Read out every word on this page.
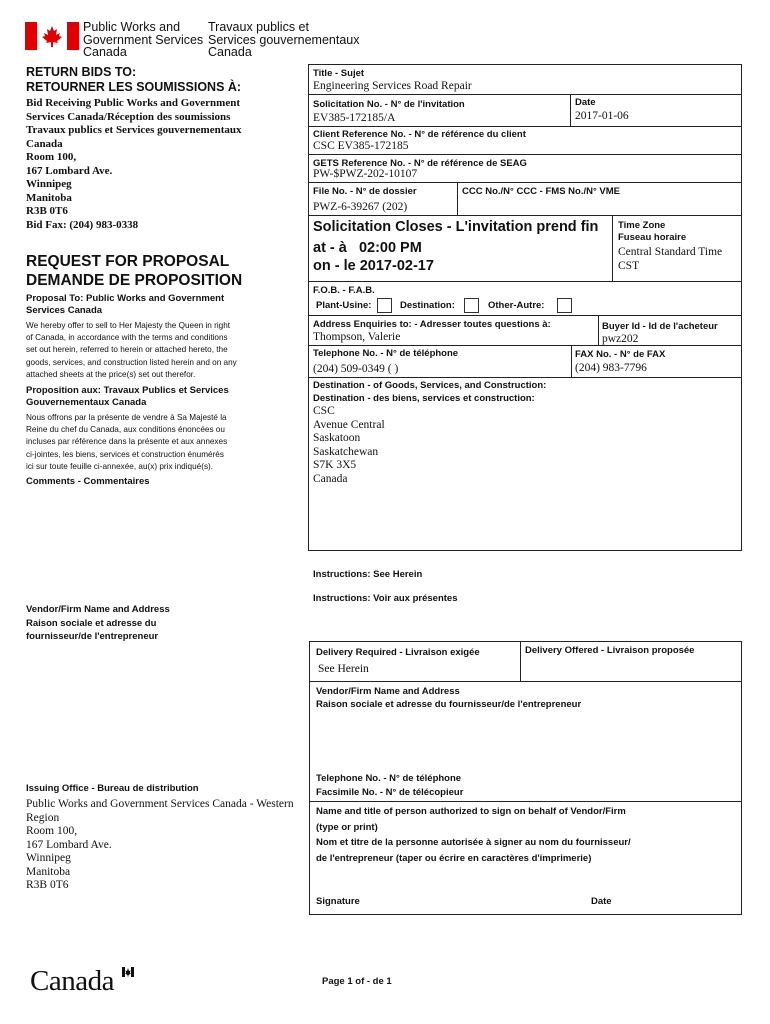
Public Works and
Government Services
Canada
Travaux publics et
Services gouvernementaux
Canada
RETURN BIDS TO:
RETOURNER LES SOUMISSIONS À:
Bid Receiving Public Works and Government
Services Canada/Réception des soumissions
Travaux publics et Services gouvernementaux
Canada
Room 100,
167 Lombard Ave.
Winnipeg
Manitoba
R3B 0T6
Bid Fax: (204) 983-0338
REQUEST FOR PROPOSAL
DEMANDE DE PROPOSITION
Proposal To: Public Works and Government
Services Canada
We hereby offer to sell to Her Majesty the Queen in right
of Canada, in accordance with the terms and conditions
set out herein, referred to herein or attached hereto, the
goods, services, and construction listed herein and on any
attached sheets at the price(s) set out therefor.
Proposition aux: Travaux Publics et Services
Gouvernementaux Canada
Nous offrons par la présente de vendre à Sa Majesté la
Reine du chef du Canada, aux conditions énoncées ou
incluses par référence dans la présente et aux annexes
ci-jointes, les biens, services et construction énumérés
ici sur toute feuille ci-annexée, au(x) prix indiqué(s).
Comments - Commentaires
Vendor/Firm Name and Address
Raison sociale et adresse du
fournisseur/de l'entrepreneur
Issuing Office - Bureau de distribution
Public Works and Government Services Canada - Western
Region
Room 100,
167 Lombard Ave.
Winnipeg
Manitoba
R3B 0T6
Title - Sujet
Engineering Services Road Repair
Solicitation No. - N° de l'invitation
EV385-172185/A
Date
2017-01-06
Client Reference No. - N° de référence du client
CSC EV385-172185
GETS Reference No. - N° de référence de SEAG
PW-$PWZ-202-10107
File No. - N° de dossier
PWZ-6-39267 (202)
CCC No./N° CCC - FMS No./N° VME
Solicitation Closes - L'invitation prend fin
at - à 02:00 PM
on - le 2017-02-17
Time Zone
Fuseau horaire
Central Standard Time
CST
F.O.B. - F.A.B.
Plant-Usine:	Destination:	Other-Autre:
Address Enquiries to: - Adresser toutes questions à:
Thompson, Valerie
Buyer Id - Id de l'acheteur
pwz202
Telephone No. - N° de téléphone
(204) 509-0349 ( )
FAX No. - N° de FAX
(204) 983-7796
Destination - of Goods, Services, and Construction:
Destination - des biens, services et construction:
CSC
Avenue Central
Saskatoon
Saskatchewan
S7K 3X5
Canada
Instructions: See Herein
Instructions: Voir aux présentes
Delivery Required - Livraison exigée
See Herein
Delivery Offered - Livraison proposée
Vendor/Firm Name and Address
Raison sociale et adresse du fournisseur/de l'entrepreneur
Telephone No. - N° de téléphone
Facsimile No. - N° de télécopieur
Name and title of person authorized to sign on behalf of Vendor/Firm
(type or print)
Nom et titre de la personne autorisée à signer au nom du fournisseur/
de l'entrepreneur (taper ou écrire en caractères d'imprimerie)
Signature	Date
Page 1 of - de 1
Canada
